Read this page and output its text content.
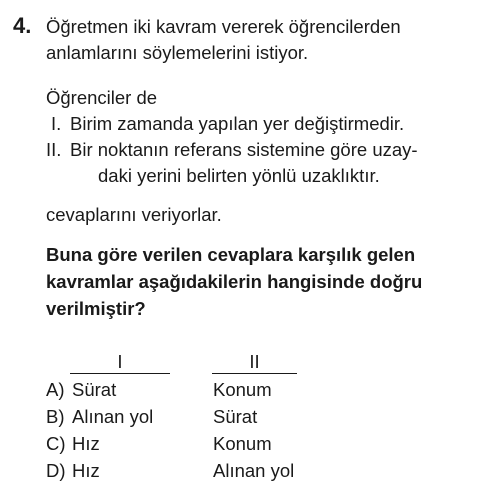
4. Öğretmen iki kavram vererek öğrencilerden
anlamlarını söylemelerini istiyor.
Öğrenciler de
I. Birim zamanda yapılan yer değiştirmedir.
II. Bir noktanın referans sistemine göre uzay-
daki yerini belirten yönlü uzaklıktır.
cevaplarını veriyorlar.
Buna göre verilen cevaplara karşılık gelen
kavramlar aşağıdakilerin hangisinde doğru
verilmiştir?
I	II
A) Sürat	Konum
B) Alınan yol	Sürat
C) Hız	Konum
D) Hız	Alınan yol
